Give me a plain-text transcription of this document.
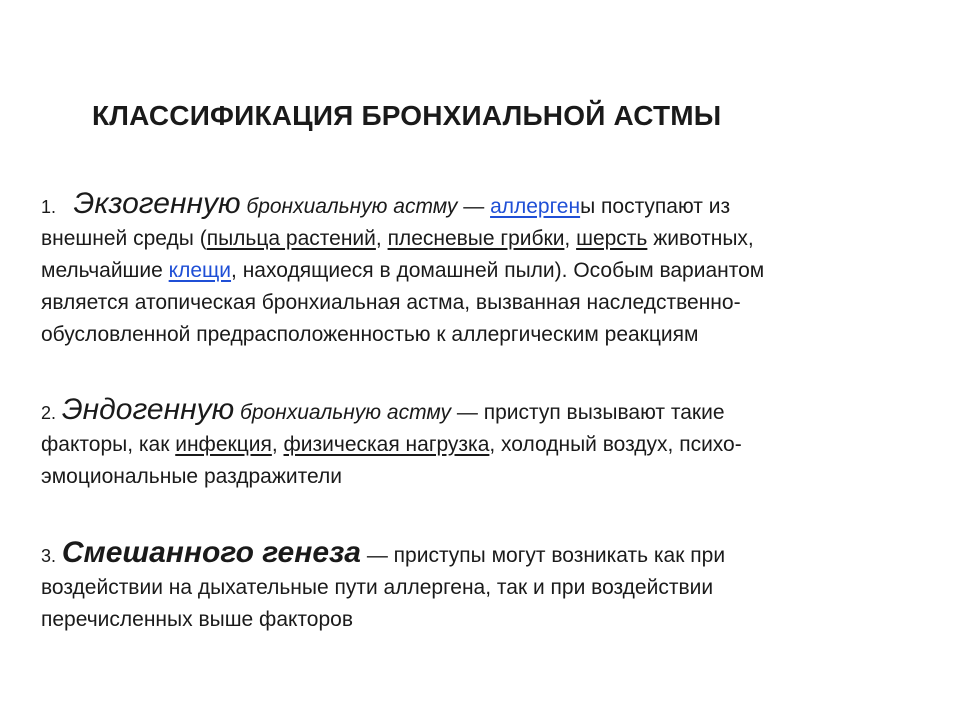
КЛАССИФИКАЦИЯ БРОНХИАЛЬНОЙ АСТМЫ
1. Экзогенную бронхиальную астму — аллергены поступают из
внешней среды (пыльца растений, плесневые грибки, шерсть животных,
мельчайшие клещи, находящиеся в домашней пыли). Особым вариантом
является атопическая бронхиальная астма, вызванная наследственно-
обусловленной предрасположенностью к аллергическим реакциям
2. Эндогенную бронхиальную астму — приступ вызывают такие
факторы, как инфекция, физическая нагрузка, холодный воздух, психо-
эмоциональные раздражители
3. Смешанного генеза — приступы могут возникать как при
воздействии на дыхательные пути аллергена, так и при воздействии
перечисленных выше факторов
